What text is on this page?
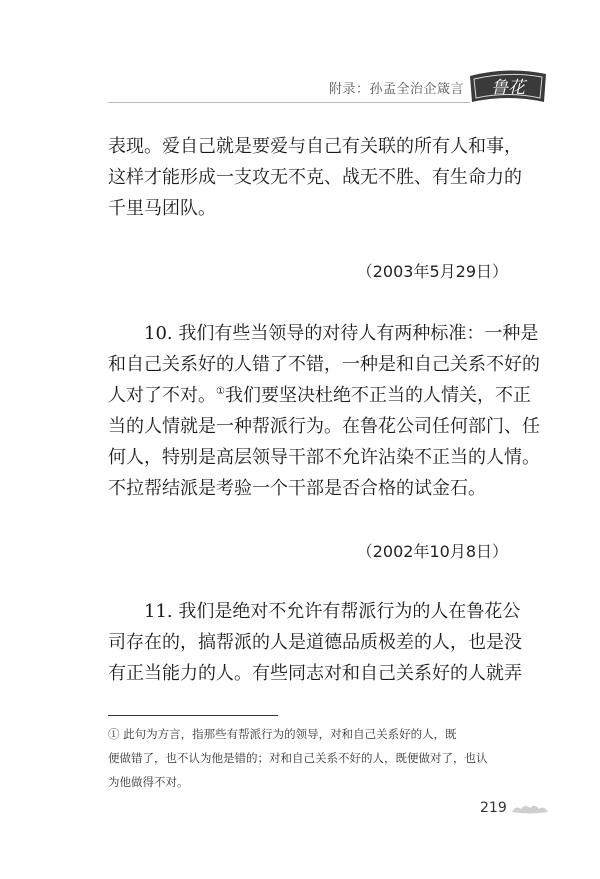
附录：孙孟全治企箴言 鲁花
表现。爱自己就是要爱与自己有关联的所有人和事，
这样才能形成一支攻无不克、战无不胜、有生命力的
千里马团队。
（2003年5月29日）
10. 我们有些当领导的对待人有两种标准：一种是
和自己关系好的人错了不错，一种是和自己关系不好的
人对了不对。①我们要坚决杜绝不正当的人情关，不正
当的人情就是一种帮派行为。在鲁花公司任何部门、任
何人，特别是高层领导干部不允许沾染不正当的人情。
不拉帮结派是考验一个干部是否合格的试金石。
（2002年10月8日）
11. 我们是绝对不允许有帮派行为的人在鲁花公
司存在的，搞帮派的人是道德品质极差的人，也是没
有正当能力的人。有些同志对和自己关系好的人就弄
① 此句为方言，指那些有帮派行为的领导，对和自己关系好的人，既
便做错了，也不认为他是错的；对和自己关系不好的人，既便做对了，也认
为他做得不对。
219
